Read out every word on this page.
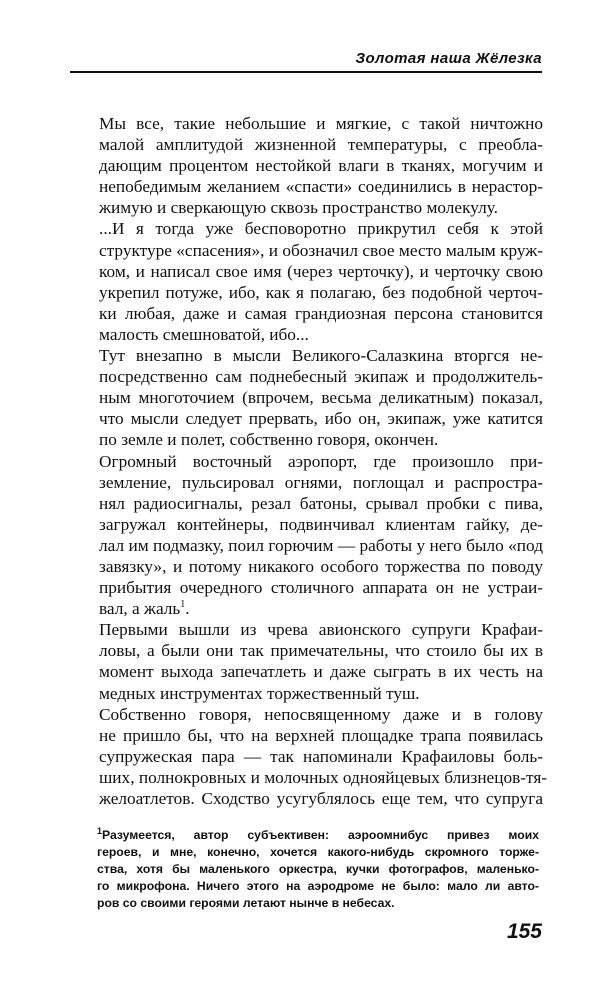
Золотая наша Жёлезка

Мы все, такие небольшие и мягкие, с такой ничтожно
малой амплитудой жизненной температуры, с преобла-
дающим процентом нестойкой влаги в тканях, могучим и
непобедимым желанием «спасти» соединились в нерастор-
жимую и сверкающую сквозь пространство молекулу.

...И я тогда уже бесповоротно прикрутил себя к этой
структуре «спасения», и обозначил свое место малым круж-
ком, и написал свое имя (через черточку), и черточку свою
укрепил потуже, ибо, как я полагаю, без подобной черточ-
ки любая, даже и самая грандиозная персона становится
малость смешноватой, ибо...

Тут внезапно в мысли Великого-Салазкина вторгся не-
посредственно сам поднебесный экипаж и продолжитель-
ным многоточием (впрочем, весьма деликатным) показал,
что мысли следует прервать, ибо он, экипаж, уже катится
по земле и полет, собственно говоря, окончен.

Огромный восточный аэропорт, где произошло при-
земление, пульсировал огнями, поглощал и распростра-
нял радиосигналы, резал батоны, срывал пробки с пива,
загружал контейнеры, подвинчивал клиентам гайку, де-
лал им подмазку, поил горючим — работы у него было «под
завязку», и потому никакого особого торжества по поводу
прибытия очередного столичного аппарата он не устраи-
вал, а жаль$^1$.

Первыми вышли из чрева авионского супруги Крафаи-
ловы, а были они так примечательны, что стоило бы их в
момент выхода запечатлеть и даже сыграть в их честь на
медных инструментах торжественный туш.

Собственно говоря, непосвященному даже и в голову
не пришло бы, что на верхней площадке трапа появилась
супружеская пара — так напоминали Крафаиловы боль-
ших, полнокровных и молочных однояйцевых близнецов-тя-
желоатлетов. Сходство усугублялось еще тем, что супруга

$^1$Разумеется, автор субъективен: аэроомнибус привез моих
героев, и мне, конечно, хочется какого-нибудь скромного торже-
ства, хотя бы маленького оркестра, кучки фотографов, маленько-
го микрофона. Ничего этого на аэродроме не было: мало ли авто-
ров со своими героями летают нынче в небесах.
155
